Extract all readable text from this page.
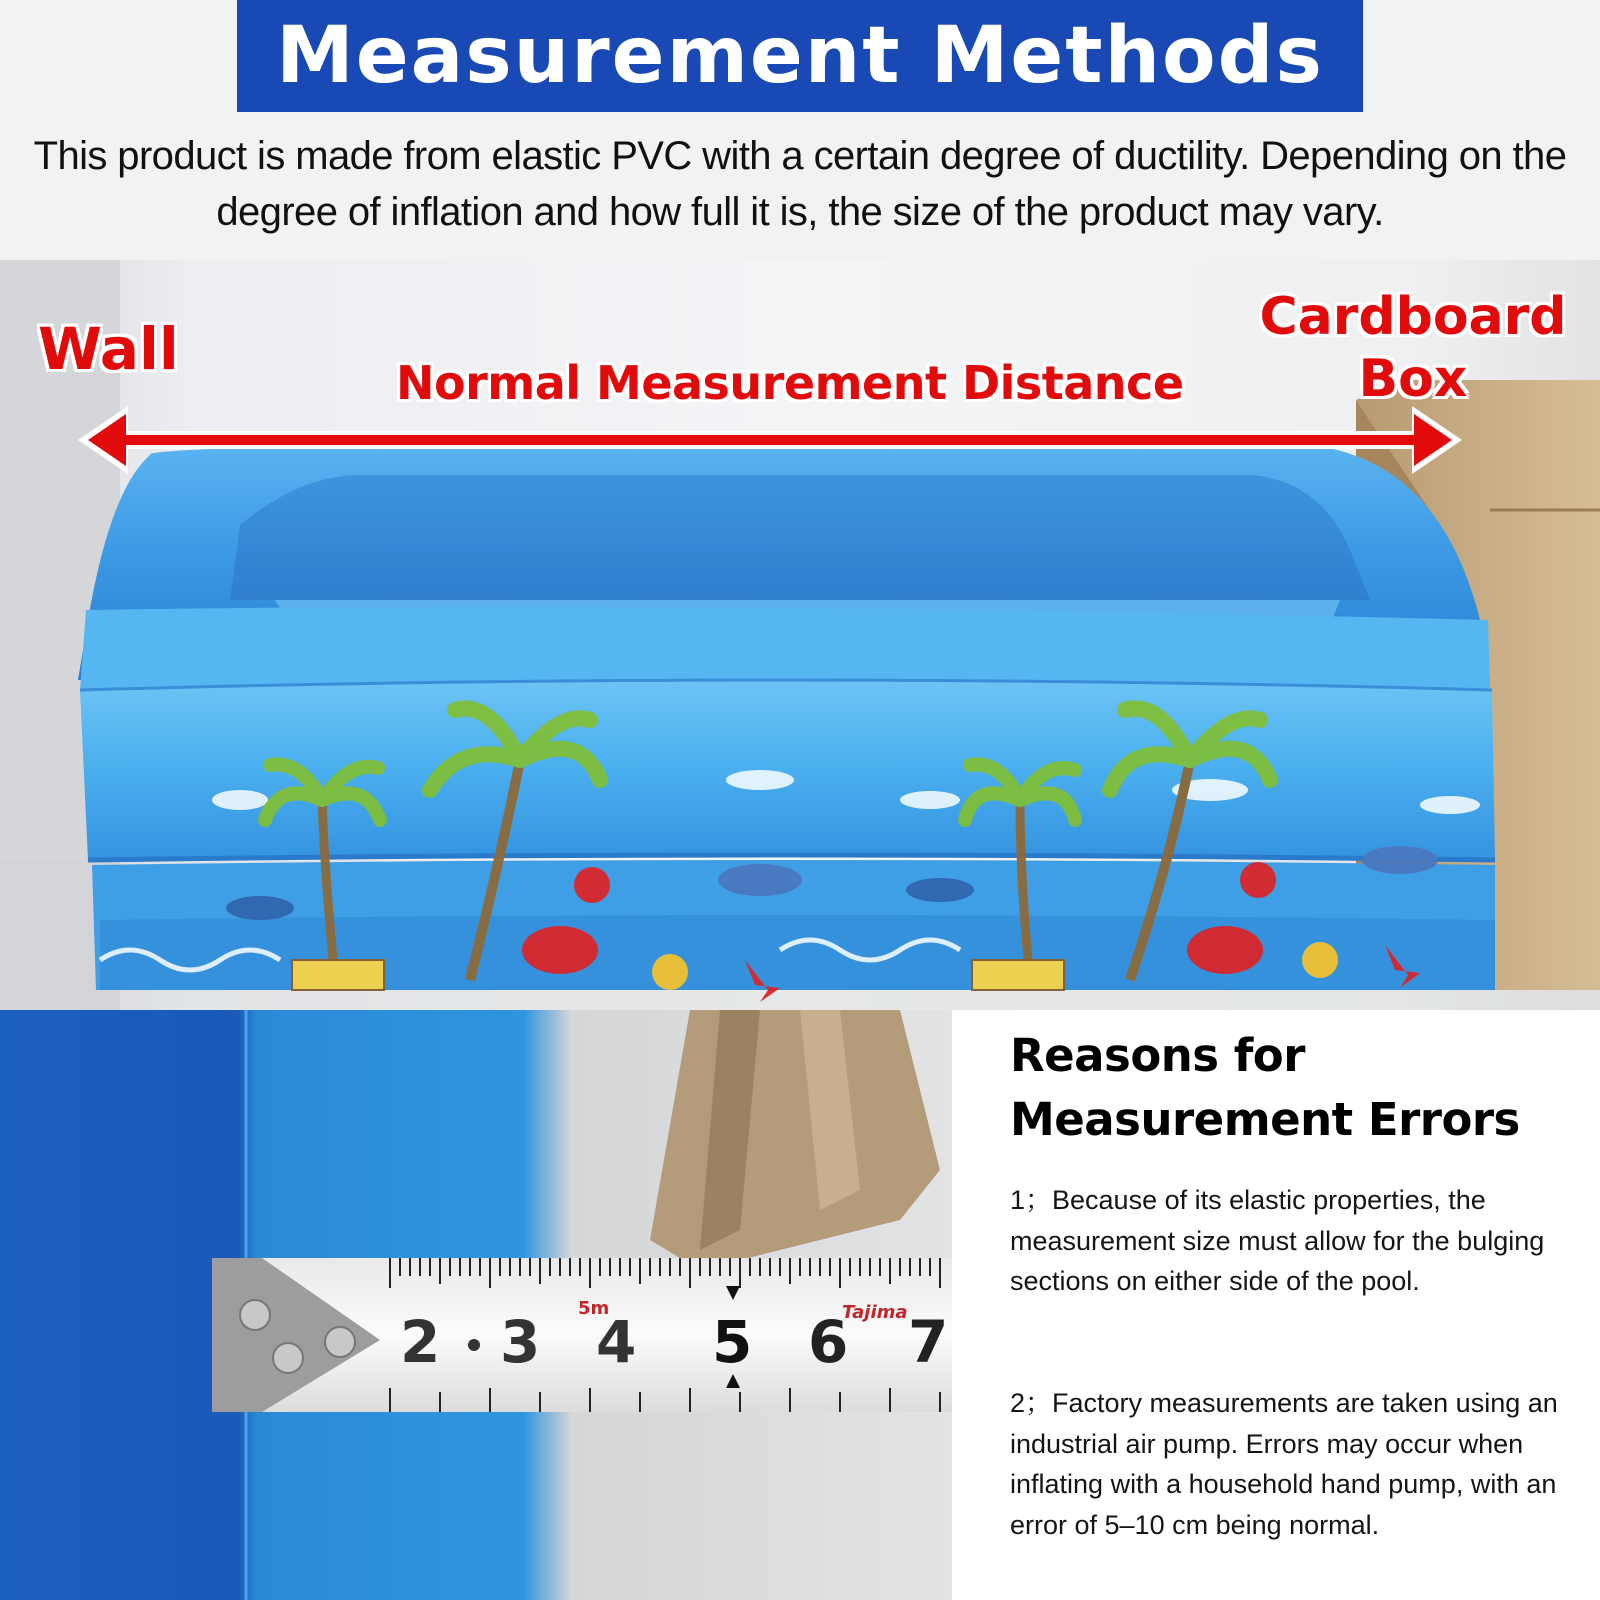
Measurement Methods

This product is made from elastic PVC with a certain degree of ductility. Depending on the degree of inflation and how full it is, the size of the product may vary.

Wall	Cardboard Box
Normal Measurement Distance
2 3 4 5 6 7
5m	Tajima
Reasons for Measurement Errors

1；Because of its elastic properties, the measurement size must allow for the bulging sections on either side of the pool.

2；Factory measurements are taken using an industrial air pump. Errors may occur when inflating with a household hand pump, with an error of 5–10 cm being normal.
